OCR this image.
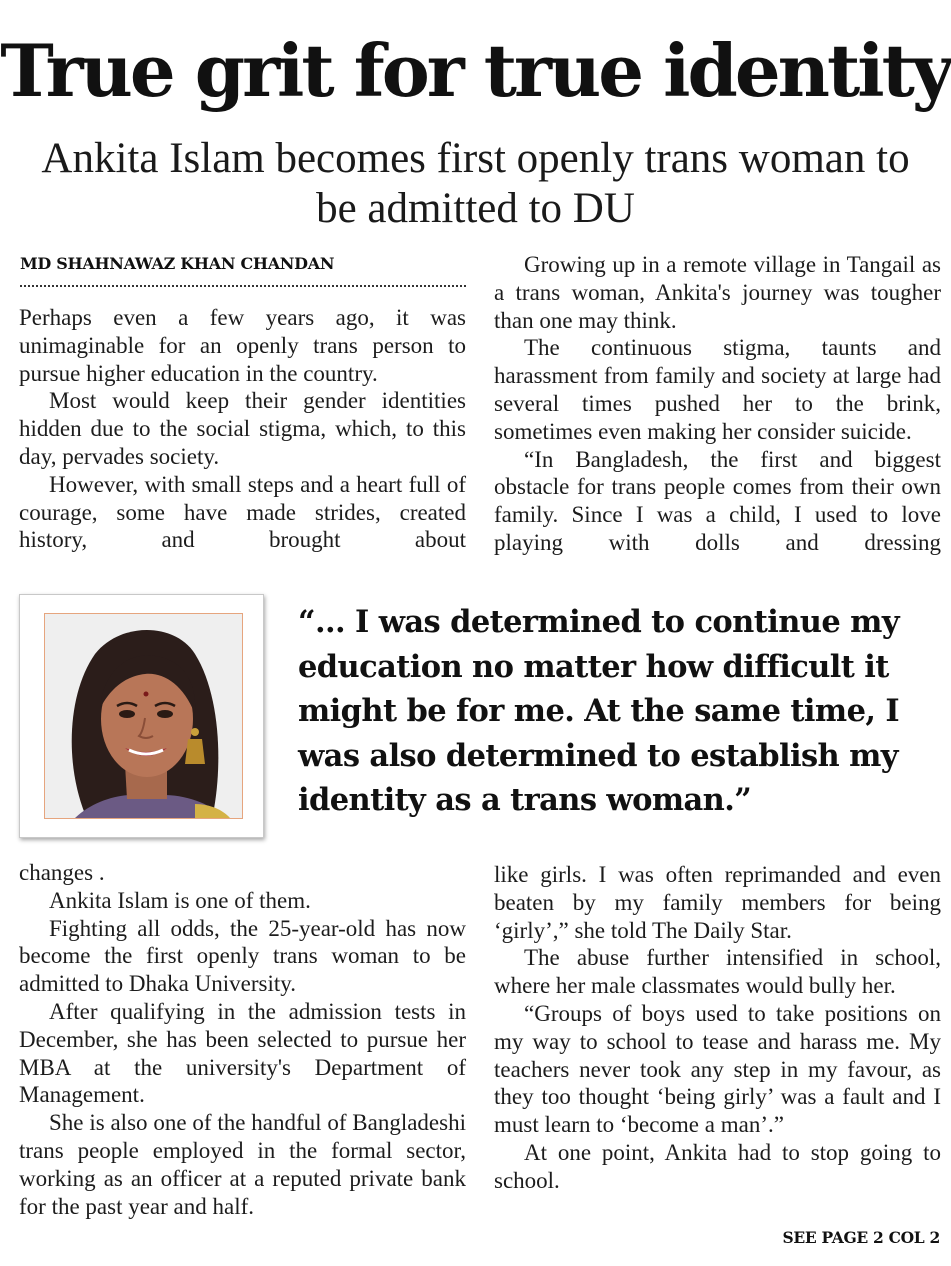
True grit for true identity
Ankita Islam becomes first openly trans woman to be admitted to DU
MD SHAHNAWAZ KHAN CHANDAN

Perhaps even a few years ago, it was unimaginable for an openly trans person to pursue higher education in the country.

Most would keep their gender identities hidden due to the social stigma, which, to this day, pervades society.

However, with small steps and a heart full of courage, some have made strides, created history, and brought about

Growing up in a remote village in Tangail as a trans woman, Ankita's journey was tougher than one may think.

The continuous stigma, taunts and harassment from family and society at large had several times pushed her to the brink, sometimes even making her consider suicide.

“In Bangladesh, the first and biggest obstacle for trans people comes from their own family. Since I was a child, I used to love playing with dolls and dressing

“... I was determined to continue my education no matter how difficult it might be for me. At the same time, I was also determined to establish my identity as a trans woman.”

changes .

Ankita Islam is one of them.

Fighting all odds, the 25-year-old has now become the first openly trans woman to be admitted to Dhaka University.

After qualifying in the admission tests in December, she has been selected to pursue her MBA at the university's Department of Management.

She is also one of the handful of Bangladeshi trans people employed in the formal sector, working as an officer at a reputed private bank for the past year and half.

like girls. I was often reprimanded and even beaten by my family members for being ‘girly’,” she told The Daily Star.

The abuse further intensified in school, where her male classmates would bully her.

“Groups of boys used to take positions on my way to school to tease and harass me. My teachers never took any step in my favour, as they too thought ‘being girly’ was a fault and I must learn to ‘become a man’.”

At one point, Ankita had to stop going to school.

SEE PAGE 2 COL 2
